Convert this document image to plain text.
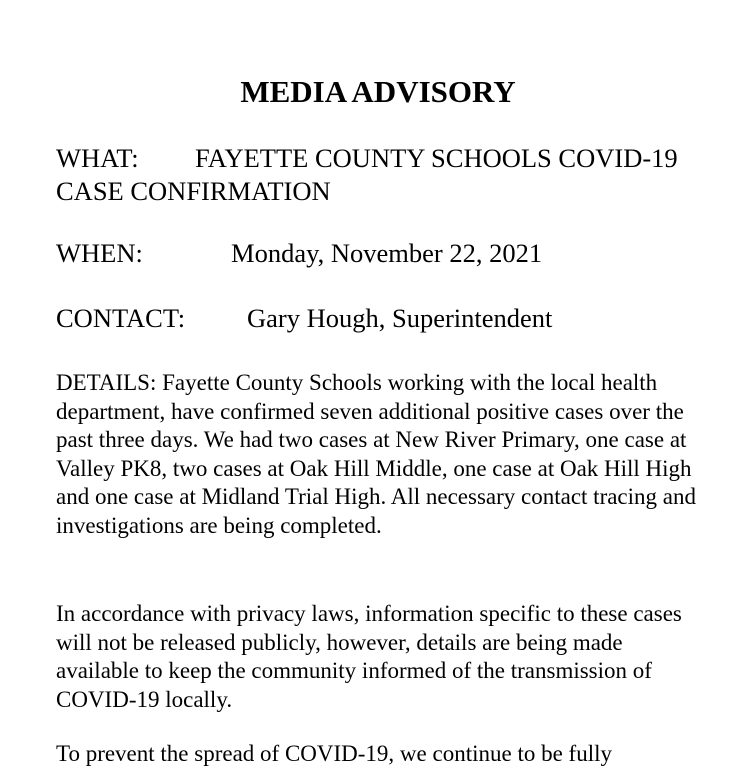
MEDIA ADVISORY
WHAT: FAYETTE COUNTY SCHOOLS COVID-19 CASE CONFIRMATION
WHEN:	Monday, November 22, 2021
CONTACT: Gary Hough, Superintendent

DETAILS: Fayette County Schools working with the local health department, have confirmed seven additional positive cases over the past three days. We had two cases at New River Primary, one case at Valley PK8, two cases at Oak Hill Middle, one case at Oak Hill High and one case at Midland Trial High. All necessary contact tracing and investigations are being completed.

In accordance with privacy laws, information specific to these cases will not be released publicly, however, details are being made available to keep the community informed of the transmission of COVID-19 locally.

To prevent the spread of COVID-19, we continue to be fully
